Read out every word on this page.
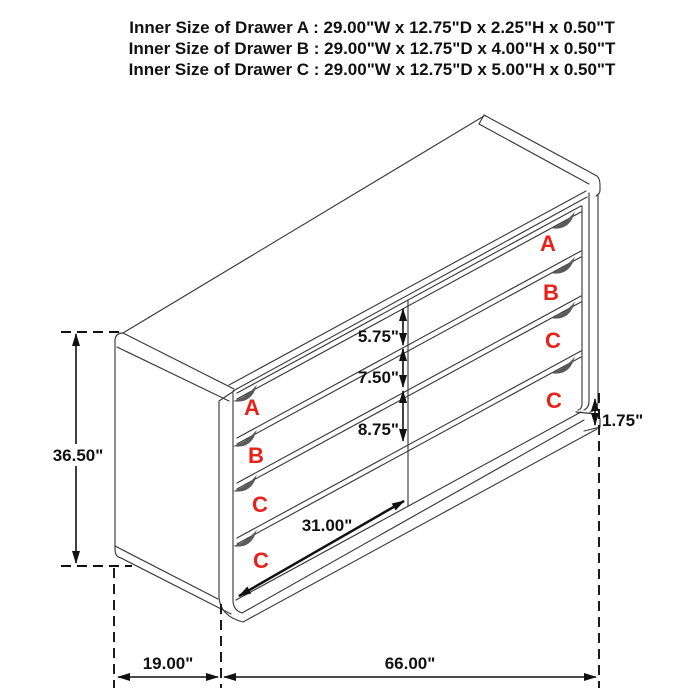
Inner Size of Drawer A : 29.00"W x 12.75"D x 2.25"H x 0.50"T
Inner Size of Drawer B : 29.00"W x 12.75"D x 4.00"H x 0.50"T
Inner Size of Drawer C : 29.00"W x 12.75"D x 5.00"H x 0.50"T
A
B
C
C
A
B
C
C
36.50"
5.75"
7.50"
8.75"
31.00"
1.75"
19.00"	66.00"
